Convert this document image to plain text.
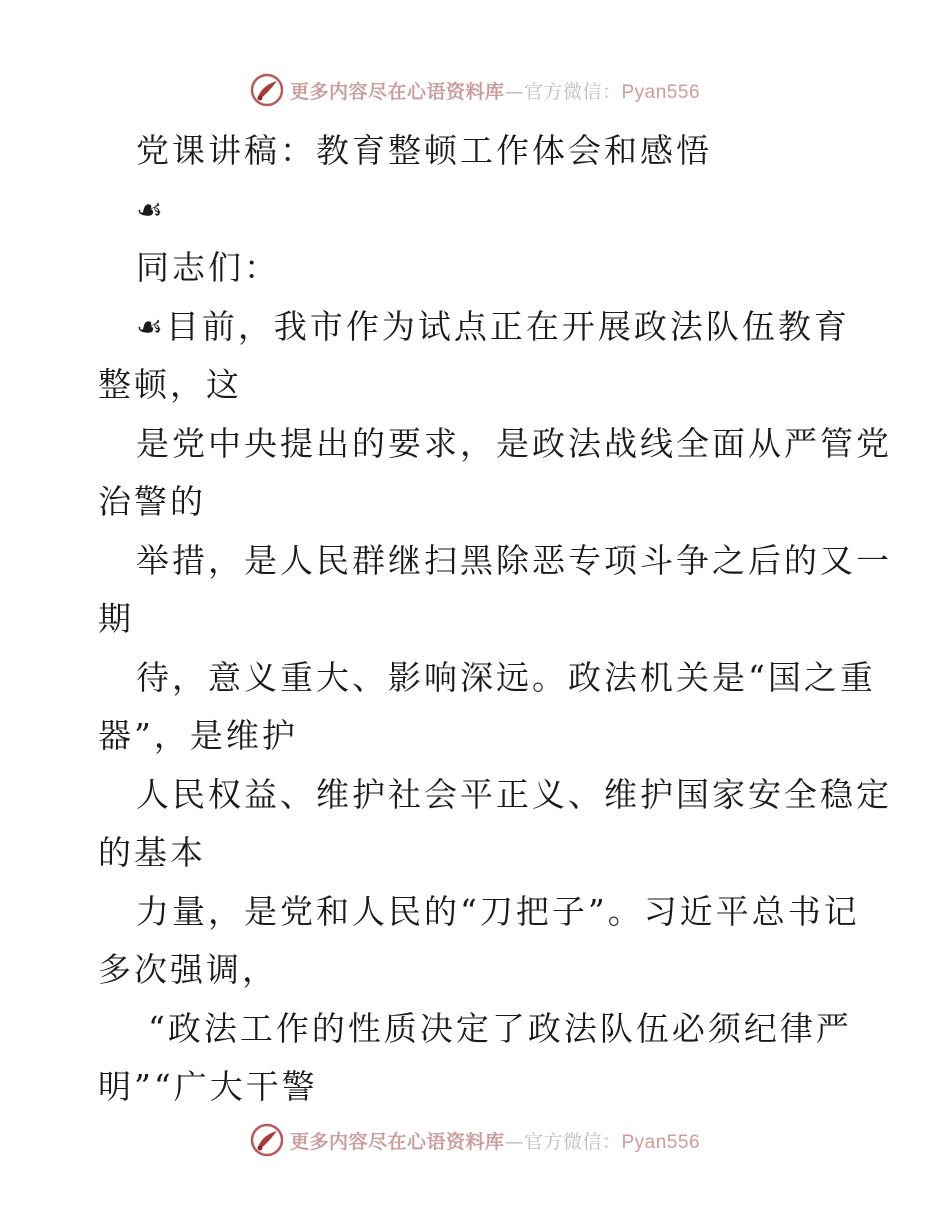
更多内容尽在心语资料库—官方微信：Pyan556
党课讲稿：教育整顿工作体会和感悟
☙
同志们：
☙目前，我市作为试点正在开展政法队伍教育
整顿，这
是党中央提出的要求，是政法战线全面从严管党
治警的
举措，是人民群继扫黑除恶专项斗争之后的又一
期
待，意义重大、影响深远。政法机关是“国之重
器”，是维护
人民权益、维护社会平正义、维护国家安全稳定
的基本
力量，是党和人民的“刀把子”。习近平总书记
多次强调，
“政法工作的性质决定了政法队伍必须纪律严
明”“广大干警
更多内容尽在心语资料库—官方微信：Pyan556
